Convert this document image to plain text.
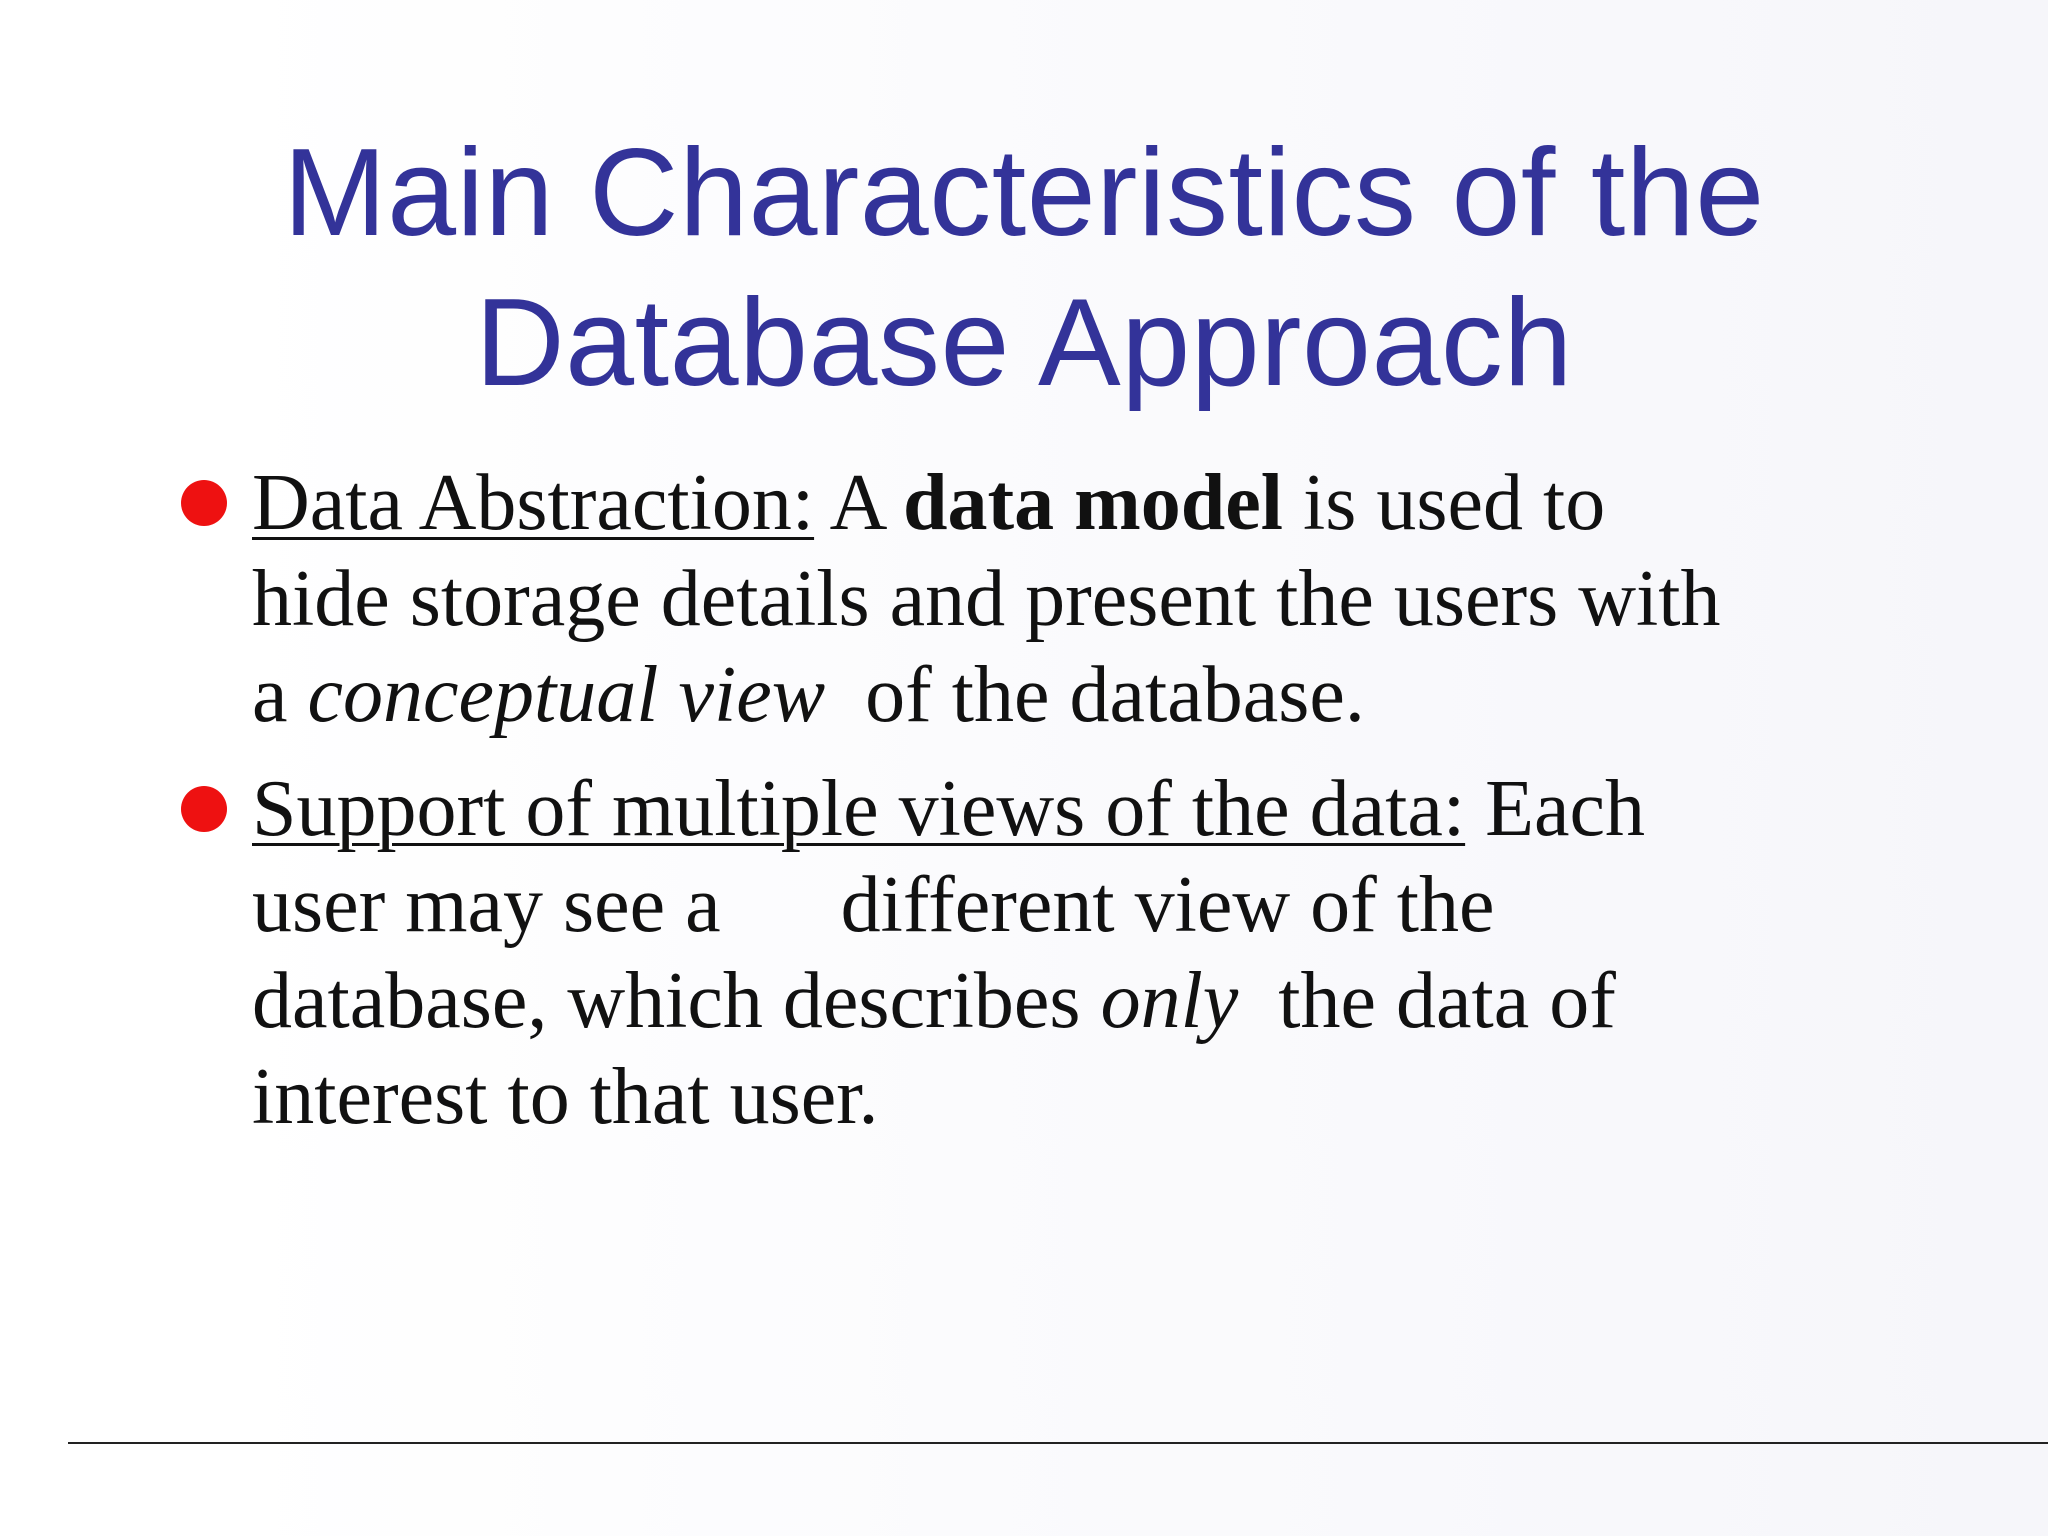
Main Characteristics of the
Database Approach
Data Abstraction: A data model is used to
hide storage details and present the users with
a conceptual view  of the database.
Support of multiple views of the data: Each
user may see a      different view of the
database, which describes only  the data of
interest to that user.
